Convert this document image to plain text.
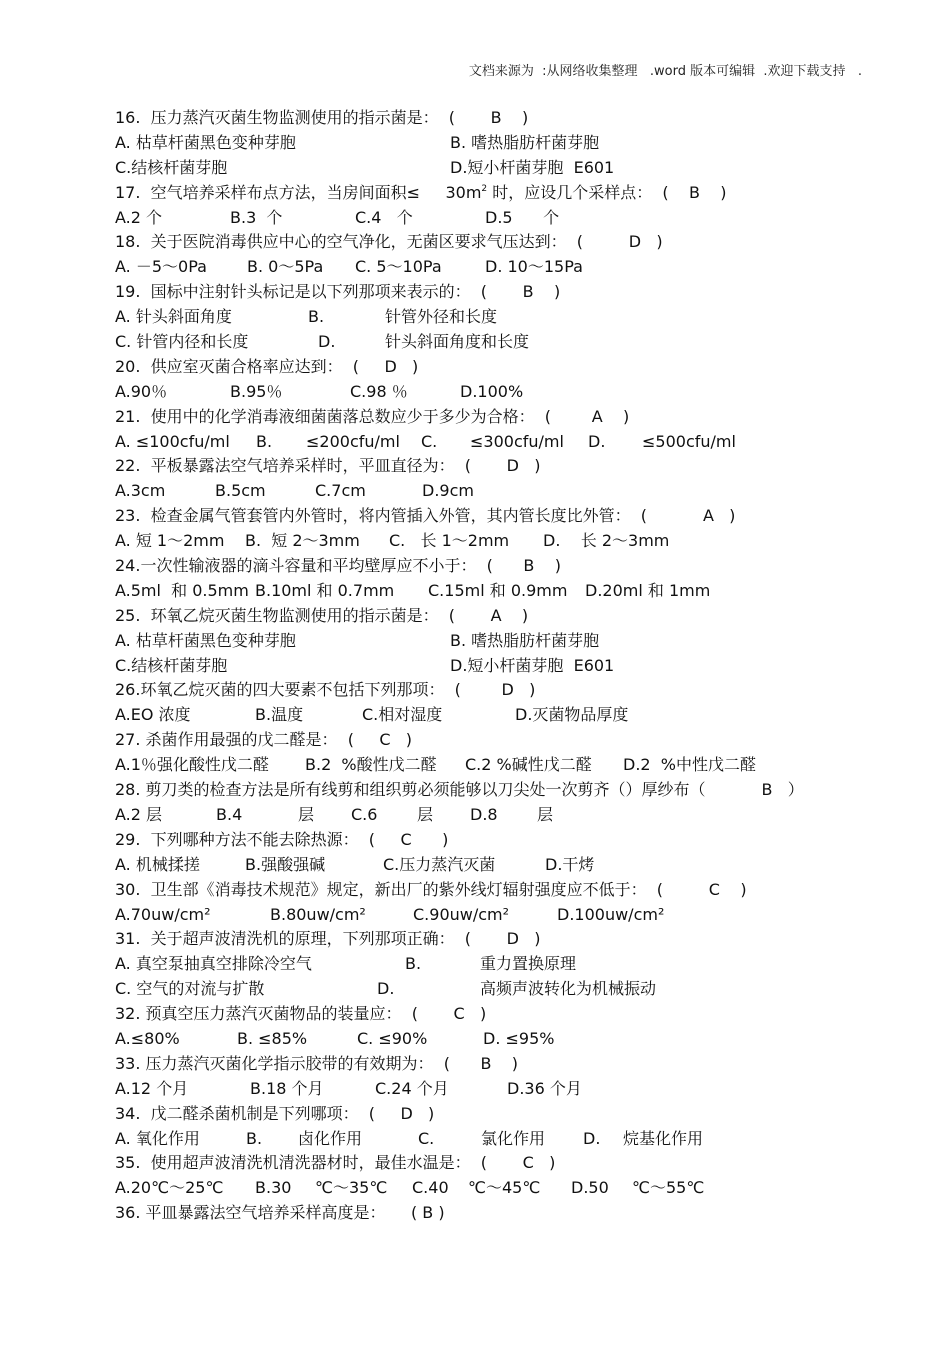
文档来源为  :从网络收集整理   .word 版本可编辑  .欢迎下载支持   .
16.  压力蒸汽灭菌生物监测使用的指示菌是：  (       B    )
A. 枯草杆菌黑色变种芽胞	B. 嗜热脂肪杆菌芽胞
C.结核杆菌芽胞	D.短小杆菌芽胞  E601
17.  空气培养采样布点方法，当房间面积≤     $30m^2$ 时，应设几个采样点：  (    B    )
A.2 个	B.3  个	C.4   个	D.5      个
18.  关于医院消毒供应中心的空气净化，无菌区要求气压达到：  (         D   )
A. －5～0Pa	B. 0～5Pa C. 5～10Pa	D. 10～15Pa
19.  国标中注射针头标记是以下列那项来表示的：  (       B    )
A. 针头斜面角度	B.	针管外径和长度
C. 针管内径和长度	D.	针头斜面角度和长度
20.  供应室灭菌合格率应达到：  (     D   )
A.90％	B.95％	C.98 ％	D.100%
21.  使用中的化学消毒液细菌菌落总数应少于多少为合格：  (        A    )
A. ≤100cfu/ml B. ≤200cfu/ml C. ≤300cfu/ml D. ≤500cfu/ml
22.  平板暴露法空气培养采样时，平皿直径为：  (       D   )
A.3cm	B.5cm	C.7cm	D.9cm
23.  检查金属气管套管内外管时，将内管插入外管，其内管长度比外管：  (           A   )
A. 短 1～2mm B.  短 2～3mm C.   长 1～2mm D.    长 2～3mm
24.一次性输液器的滴斗容量和平均壁厚应不小于：  (      B    )
A.5ml  和 0.5mm B.10ml 和 0.7mm C.15ml 和 0.9mm D.20ml 和 1mm
25.  环氧乙烷灭菌生物监测使用的指示菌是：  (       A    )
A. 枯草杆菌黑色变种芽胞	B. 嗜热脂肪杆菌芽胞
C.结核杆菌芽胞	D.短小杆菌芽胞  E601
26.环氧乙烷灭菌的四大要素不包括下列那项：  (        D   )
A.EO 浓度	B.温度	C.相对湿度	D.灭菌物品厚度
27. 杀菌作用最强的戊二醛是：  (     C   )
A.1％强化酸性戊二醛 B.2  %酸性戊二醛 C.2 %碱性戊二醛 D.2  %中性戊二醛
28. 剪刀类的检查方法是所有线剪和组织剪必须能够以刀尖处一次剪齐（）厚纱布（           B   ）
A.2 层	B.4	层 C.6 层 D.8 层
29.  下列哪种方法不能去除热源：  (     C      )
A. 机械揉搓	B.强酸强碱	C.压力蒸汽灭菌	D.干烤
30.  卫生部《消毒技术规范》规定，新出厂的紫外线灯辐射强度应不低于：  (         C    )
A.70uw/cm²	B.80uw/cm²	C.90uw/cm²	D.100uw/cm²
31.  关于超声波清洗机的原理，下列那项正确：  (       D   )
A. 真空泵抽真空排除冷空气	B.	重力置换原理
C. 空气的对流与扩散	D.	高频声波转化为机械振动
32. 预真空压力蒸汽灭菌物品的装量应：  (       C   )
A.≤80%	B. ≤85%	C. ≤90%	D. ≤95%
33. 压力蒸汽灭菌化学指示胶带的有效期为：  (      B    )
A.12 个月	B.18 个月	C.24 个月	D.36 个月
34.  戊二醛杀菌机制是下列哪项：  (     D   )
A. 氧化作用	B. 卤化作用	C.	氯化作用 D. 烷基化作用
35.  使用超声波清洗机清洗器材时，最佳水温是：  (       C   )
A.20℃～25℃ B.30 ℃～35℃ C.40 ℃～45℃ D.50 ℃～55℃
36. 平皿暴露法空气培养采样高度是：     ( B )
